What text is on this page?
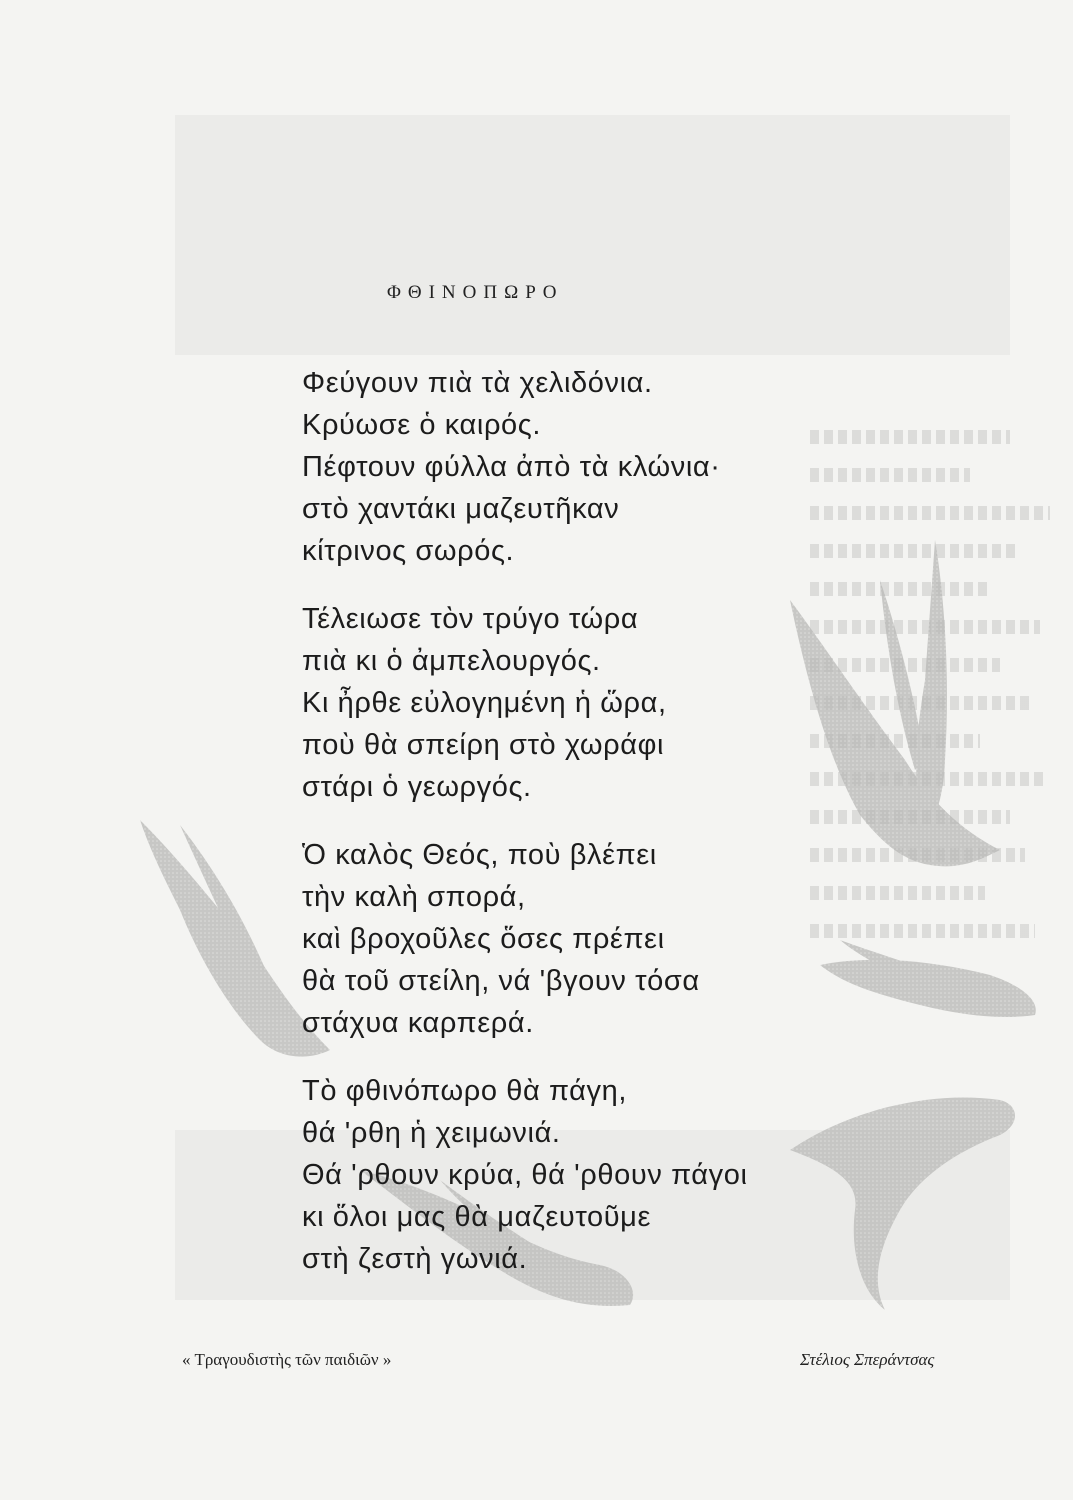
ΦΘΙΝΟΠΩΡΟ
Φεύγουν πιὰ τὰ χελιδόνια.
Κρύωσε ὁ καιρός.
Πέφτουν φύλλα ἀπὸ τὰ κλώνια·
στὸ χαντάκι μαζευτῆκαν
κίτρινος σωρός.
Τέλειωσε τὸν τρύγο τώρα
πιὰ κι ὁ ἀμπελουργός.
Κι ἦρθε εὐλογημένη ἡ ὥρα,
ποὺ θὰ σπείρη στὸ χωράφι
στάρι ὁ γεωργός.
Ὁ καλὸς Θεός, ποὺ βλέπει
τὴν καλὴ σπορά,
καὶ βροχοῦλες ὅσες πρέπει
θὰ τοῦ στείλη, νά 'βγουν τόσα
στάχυα καρπερά.
Τὸ φθινόπωρο θὰ πάγη,
θά 'ρθη ἡ χειμωνιά.
Θά 'ρθουν κρύα, θά 'ρθουν πάγοι
κι ὅλοι μας θὰ μαζευτοῦμε
στὴ ζεστὴ γωνιά.
« Τραγουδιστὴς τῶν παιδιῶν »	Στέλιος Σπεράντσας
